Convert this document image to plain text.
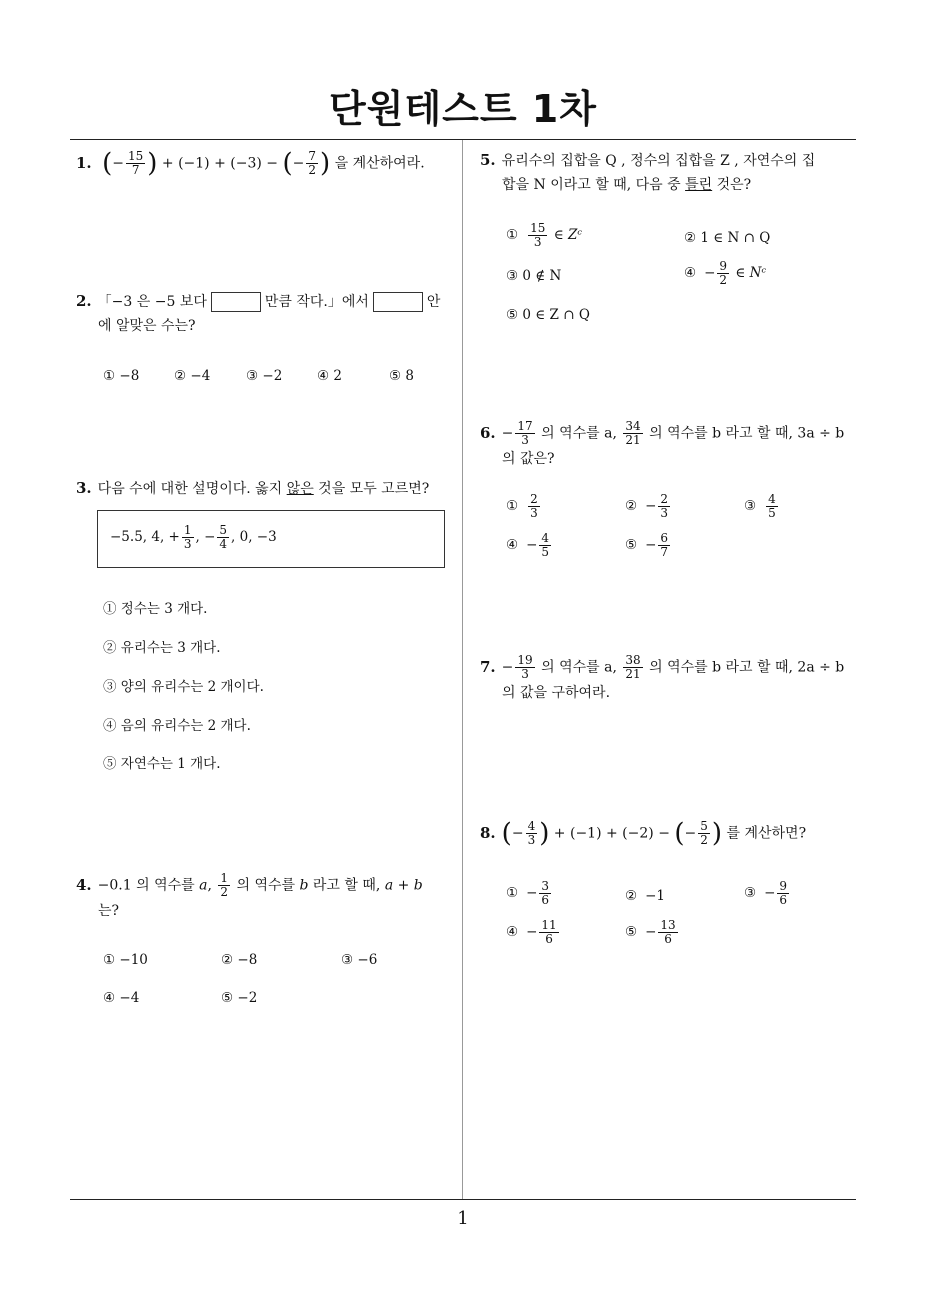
단원테스트 1차
1. (− $\frac{15}{7}$ ) + (−1) + (−3) − (− $\frac{7}{2}$ ) 을 계산하여라.
2. 「−3 은 −5 보다	만큼 작다.」에서	안
에 알맞은 수는?
① −8	② −4	③ −2	④ 2	⑤ 8
3. 다음 수에 대한 설명이다. 옳지 않은 것을 모두 고르면?
−5.5, 4, + $\frac{1}{3}$ , − $\frac{5}{4}$ , 0, −3
① 정수는 3 개다.
② 유리수는 3 개다.
③ 양의 유리수는 2 개이다.
④ 음의 유리수는 2 개다.
⑤ 자연수는 1 개다.
4. −0.1 의 역수를 a, $\frac{1}{2}$ 의 역수를 b 라고 할 때, a + b
는?
① −10	② −8	③ −6
④ −4	⑤ −2
5. 유리수의 집합을 Q , 정수의 집합을 Z , 자연수의 집
합을 N 이라고 할 때, 다음 중 틀린 것은?
① $\frac{15}{3}$ ∈ Zᶜ	② 1 ∈ N ∩ Q
③ 0 ∉ N	④ − $\frac{9}{2}$ ∈ Nᶜ
⑤ 0 ∈ Z ∩ Q
6. − $\frac{17}{3}$ 의 역수를 a, $\frac{34}{21}$ 의 역수를 b 라고 할 때, 3a ÷ b
의 값은?
① $\frac{2}{3}$	② − $\frac{2}{3}$	③ $\frac{4}{5}$
④ − $\frac{4}{5}$	⑤ − $\frac{6}{7}$
7. − $\frac{19}{3}$ 의 역수를 a, $\frac{38}{21}$ 의 역수를 b 라고 할 때, 2a ÷ b
의 값을 구하여라.
8. (− $\frac{4}{3}$ ) + (−1) + (−2) − (− $\frac{5}{2}$ ) 를 계산하면?
① − $\frac{3}{6}$	② −1	③ − $\frac{9}{6}$
④ − $\frac{11}{6}$	⑤ − $\frac{13}{6}$
1
